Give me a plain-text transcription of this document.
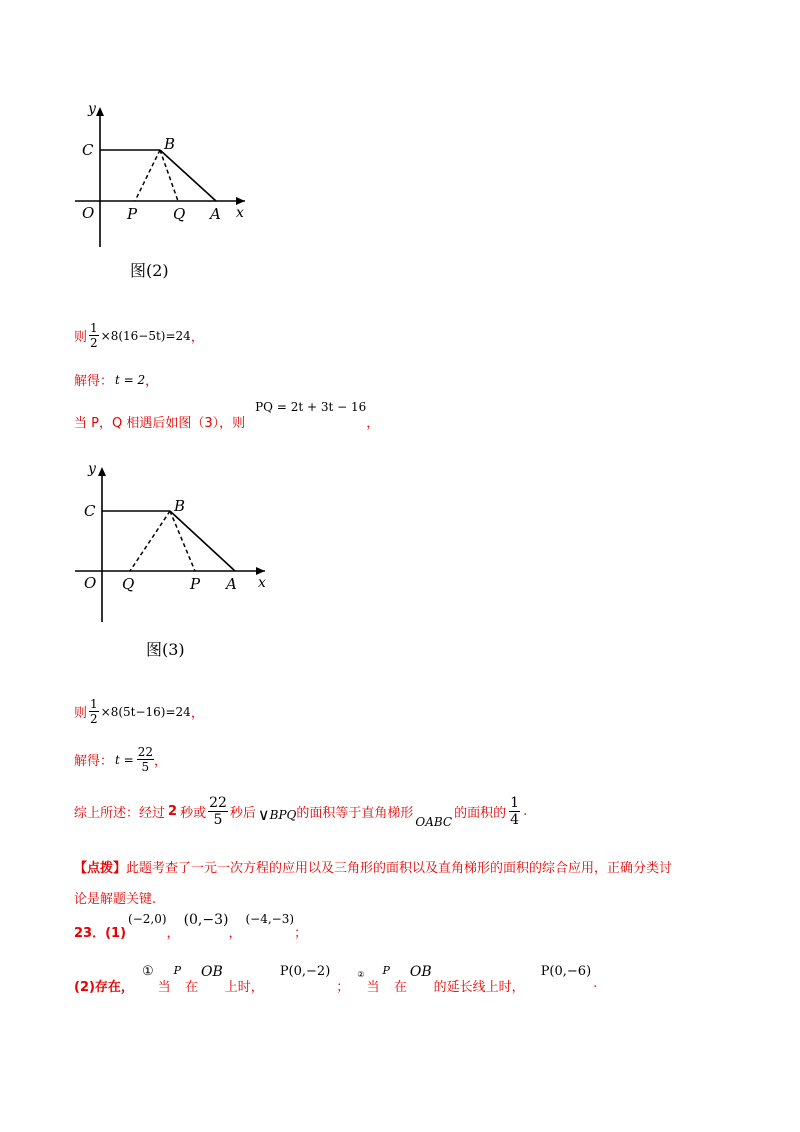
y
C	B
O P Q A x
图(2)
则 $\frac{1}{2} \times 8(16-5t)=24$ ，
解得： t = 2 ，
当 P，Q 相遇后如图（3），则
PQ = 2t + 3t − 16
，
y
C	B
O Q	P A x
图(3)
则 $\frac{1}{2} \times 8(5t-16)=24$ ，
解得： $t = \frac{22}{5}$ ，
综上所述：经过 2 秒或 $\frac{22}{5}$ 秒后 ∨ BPQ 的面积等于直角梯形
OABC
的面积的 $\frac{1}{4}$ .
【点拨】此题考查了一元一次方程的应用以及三角形的面积以及直角梯形的面积的综合应用，正确分类讨
论是解题关键.
23．(1)
(−2,0)
，
(0,−3)
，
(−4,−3)
；
(2)存在，
①
当
P
在
OB
上时，
P(0,−2)
；
②
当
P
在
OB
的延长线上时，
P(0,−6)
.
